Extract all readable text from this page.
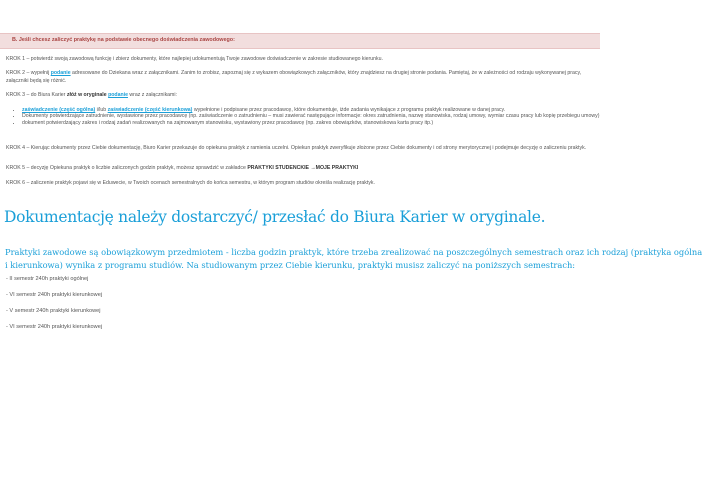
B. Jeśli chcesz zaliczyć praktykę na podstawie obecnego doświadczenia zawodowego:
KROK 1 – potwierdź swoją zawodową funkcję i zbierz dokumenty, które najlepiej udokumentują Twoje zawodowe doświadczenie w zakresie studiowanego kierunku.
KROK 2 – wypełnij podanie adresowane do Dziekana wraz z załącznikami. Zanim to zrobisz, zapoznaj się z wykazem obowiązkowych załączników, który znajdziesz na drugiej stronie podania. Pamiętaj, że w zależności od rodzaju wykonywanej pracy, załączniki będą się różnić.
KROK 3 – do Biura Karier złóż w oryginale podanie wraz z załącznikami:
• zaświadczenie (część ogólna) i/lub zaświadczenie (część kierunkowa) wypełnione i podpisane przez pracodawcę, które dokumentuje, iżde zadania wynikające z programu praktyk realizowane w danej pracy.
• Dokumenty potwierdzające zatrudnienie, wystawione przez pracodawcę (np. zaświadczenie o zatrudnieniu – musi zawierać następujące informacje: okres zatrudnienia, nazwę stanowiska, rodzaj umowy, wymiar czasu pracy lub kopię przebiegu umowy)
• dokument potwierdzający zakres i rodzaj zadań realizowanych na zajmowanym stanowisku, wystawiony przez pracodawcę (np. zakres obowiązków, stanowiskowa karta pracy itp.)
KROK 4 – Kierując dokumenty przez Ciebie dokumentację, Biuro Karier przekazuje do opiekuna praktyk z ramienia uczelni. Opiekun praktyk zweryfikuje złożone przez Ciebie dokumenty i od strony merytorycznej i podejmuje decyzję o zaliczeniu praktyk.
KROK 5 – decyzję Opiekuna praktyk o liczbie zaliczonych godzin praktyk, możesz sprawdzić w zakładce PRAKTYKI STUDENCKIE →MOJE PRAKTYKI
KROK 6 – zaliczenie praktyk pojawi się w Eduwecie, w Twoich ocenach semestralnych do końca semestru, w którym program studiów określa realizację praktyk.
Dokumentację należy dostarczyć/ przesłać do Biura Karier w oryginale.
Praktyki zawodowe są obowiązkowym przedmiotem - liczba godzin praktyk, które trzeba zrealizować na poszczególnych semestrach oraz ich rodzaj (praktyka ogólna
i kierunkowa) wynika z programu studiów. Na studiowanym przez Ciebie kierunku, praktyki musisz zaliczyć na poniższych semestrach:
- II semestr 240h praktyki ogólnej
- VI semestr 240h praktyki kierunkowej
- V semestr 240h praktyki kierunkowej
- VI semestr 240h praktyki kierunkowej
